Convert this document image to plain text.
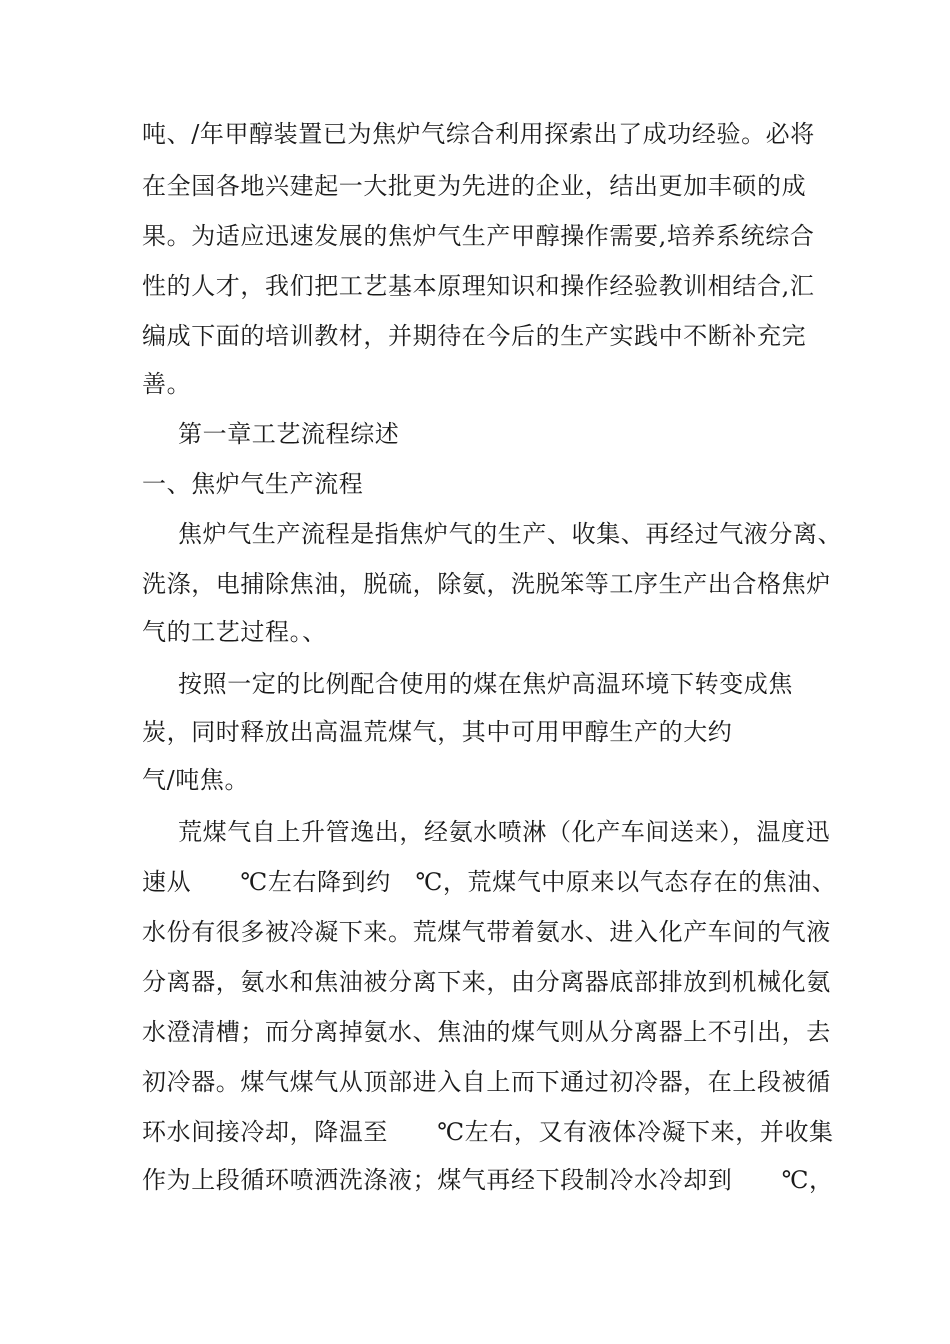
吨、/年甲醇装置已为焦炉气综合利用探索出了成功经验。必将
在全国各地兴建起一大批更为先进的企业，结出更加丰硕的成
果。为适应迅速发展的焦炉气生产甲醇操作需要,培养系统综合
性的人才，我们把工艺基本原理知识和操作经验教训相结合,汇
编成下面的培训教材，并期待在今后的生产实践中不断补充完
善。
第一章工艺流程综述
一、焦炉气生产流程
焦炉气生产流程是指焦炉气的生产、收集、再经过气液分离、
洗涤，电捕除焦油，脱硫，除氨，洗脱笨等工序生产出合格焦炉
气的工艺过程。、
按照一定的比例配合使用的煤在焦炉高温环境下转变成焦
炭，同时释放出高温荒煤气，其中可用甲醇生产的大约
气/吨焦。
荒煤气自上升管逸出，经氨水喷淋（化产车间送来），温度迅
速从　　℃左右降到约　℃，荒煤气中原来以气态存在的焦油、
水份有很多被冷凝下来。荒煤气带着氨水、进入化产车间的气液
分离器，氨水和焦油被分离下来，由分离器底部排放到机械化氨
水澄清槽；而分离掉氨水、焦油的煤气则从分离器上不引出，去
初冷器。煤气煤气从顶部进入自上而下通过初冷器，在上段被循
环水间接冷却，降温至　　℃左右，又有液体冷凝下来，并收集
作为上段循环喷洒洗涤液；煤气再经下段制冷水冷却到　　℃，
